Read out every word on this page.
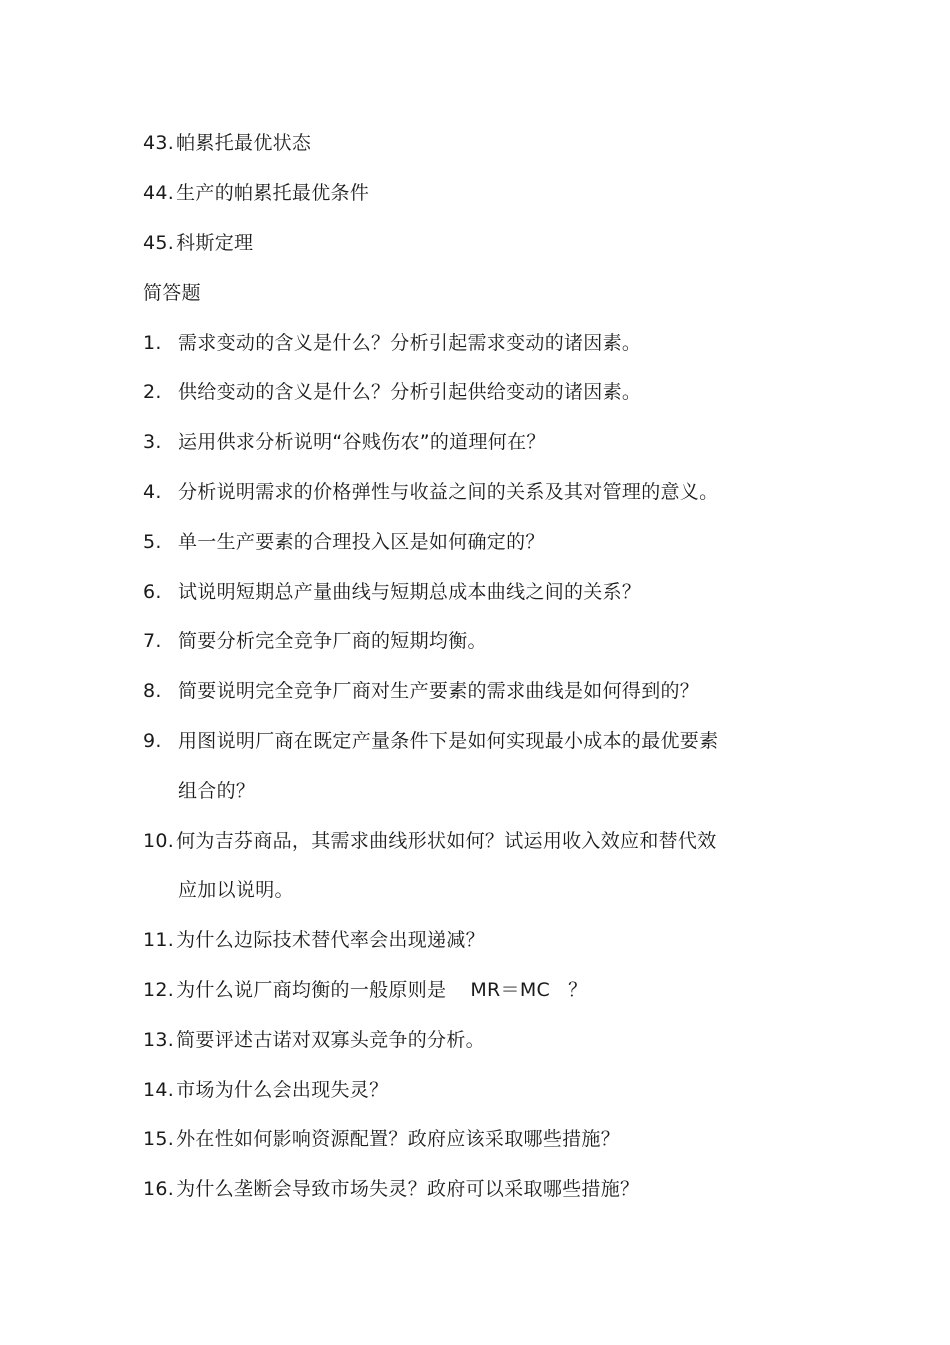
43. 帕累托最优状态
44. 生产的帕累托最优条件
45. 科斯定理
简答题
1. 需求变动的含义是什么？分析引起需求变动的诸因素。
2. 供给变动的含义是什么？分析引起供给变动的诸因素。
3. 运用供求分析说明“谷贱伤农”的道理何在？
4. 分析说明需求的价格弹性与收益之间的关系及其对管理的意义。
5. 单一生产要素的合理投入区是如何确定的？
6. 试说明短期总产量曲线与短期总成本曲线之间的关系？
7. 简要分析完全竞争厂商的短期均衡。
8. 简要说明完全竞争厂商对生产要素的需求曲线是如何得到的？
9. 用图说明厂商在既定产量条件下是如何实现最小成本的最优要素
组合的？
10. 何为吉芬商品，其需求曲线形状如何？试运用收入效应和替代效
应加以说明。
11. 为什么边际技术替代率会出现递减？
12. 为什么说厂商均衡的一般原则是 MR＝MC ？
13. 简要评述古诺对双寡头竞争的分析。
14. 市场为什么会出现失灵？
15. 外在性如何影响资源配置？政府应该采取哪些措施？
16. 为什么垄断会导致市场失灵？政府可以采取哪些措施？
